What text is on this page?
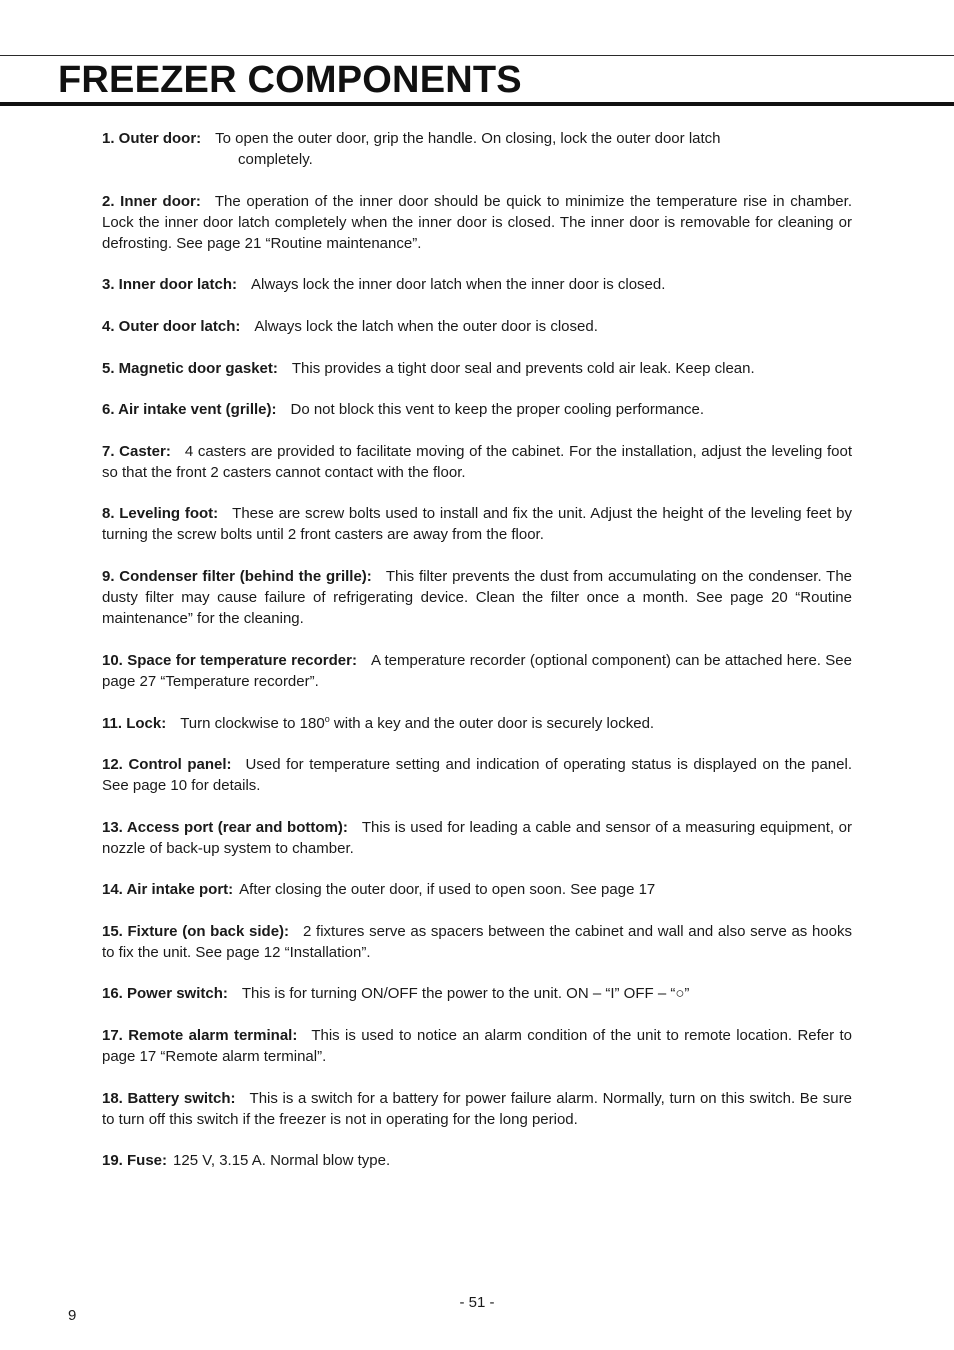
FREEZER COMPONENTS
1. Outer door: To open the outer door, grip the handle. On closing, lock the outer door latch
completely.
2. Inner door: The operation of the inner door should be quick to minimize the temperature rise in chamber. Lock the inner door latch completely when the inner door is closed. The inner door is removable for cleaning or defrosting. See page 21 “Routine maintenance”.
3. Inner door latch: Always lock the inner door latch when the inner door is closed.
4. Outer door latch: Always lock the latch when the outer door is closed.
5. Magnetic door gasket: This provides a tight door seal and prevents cold air leak. Keep clean.
6. Air intake vent (grille): Do not block this vent to keep the proper cooling performance.
7. Caster: 4 casters are provided to facilitate moving of the cabinet. For the installation, adjust the leveling foot so that the front 2 casters cannot contact with the floor.
8. Leveling foot: These are screw bolts used to install and fix the unit. Adjust the height of the leveling feet by turning the screw bolts until 2 front casters are away from the floor.
9. Condenser filter (behind the grille): This filter prevents the dust from accumulating on the condenser. The dusty filter may cause failure of refrigerating device. Clean the filter once a month. See page 20 “Routine maintenance” for the cleaning.
10. Space for temperature recorder: A temperature recorder (optional component) can be attached here. See page 27 “Temperature recorder”.
11. Lock: Turn clockwise to 180$^o$ with a key and the outer door is securely locked.
12. Control panel: Used for temperature setting and indication of operating status is displayed on the panel. See page 10 for details.
13. Access port (rear and bottom): This is used for leading a cable and sensor of a measuring equipment, or nozzle of back-up system to chamber.
14. Air intake port: After closing the outer door, if used to open soon. See page 17
15. Fixture (on back side): 2 fixtures serve as spacers between the cabinet and wall and also serve as hooks to fix the unit. See page 12 “Installation”.
16. Power switch: This is for turning ON/OFF the power to the unit. ON – “I” OFF – “○”
17. Remote alarm terminal: This is used to notice an alarm condition of the unit to remote location. Refer to page 17 “Remote alarm terminal”.
18. Battery switch: This is a switch for a battery for power failure alarm. Normally, turn on this switch. Be sure to turn off this switch if the freezer is not in operating for the long period.
19. Fuse: 125 V, 3.15 A. Normal blow type.
- 51 -
9
